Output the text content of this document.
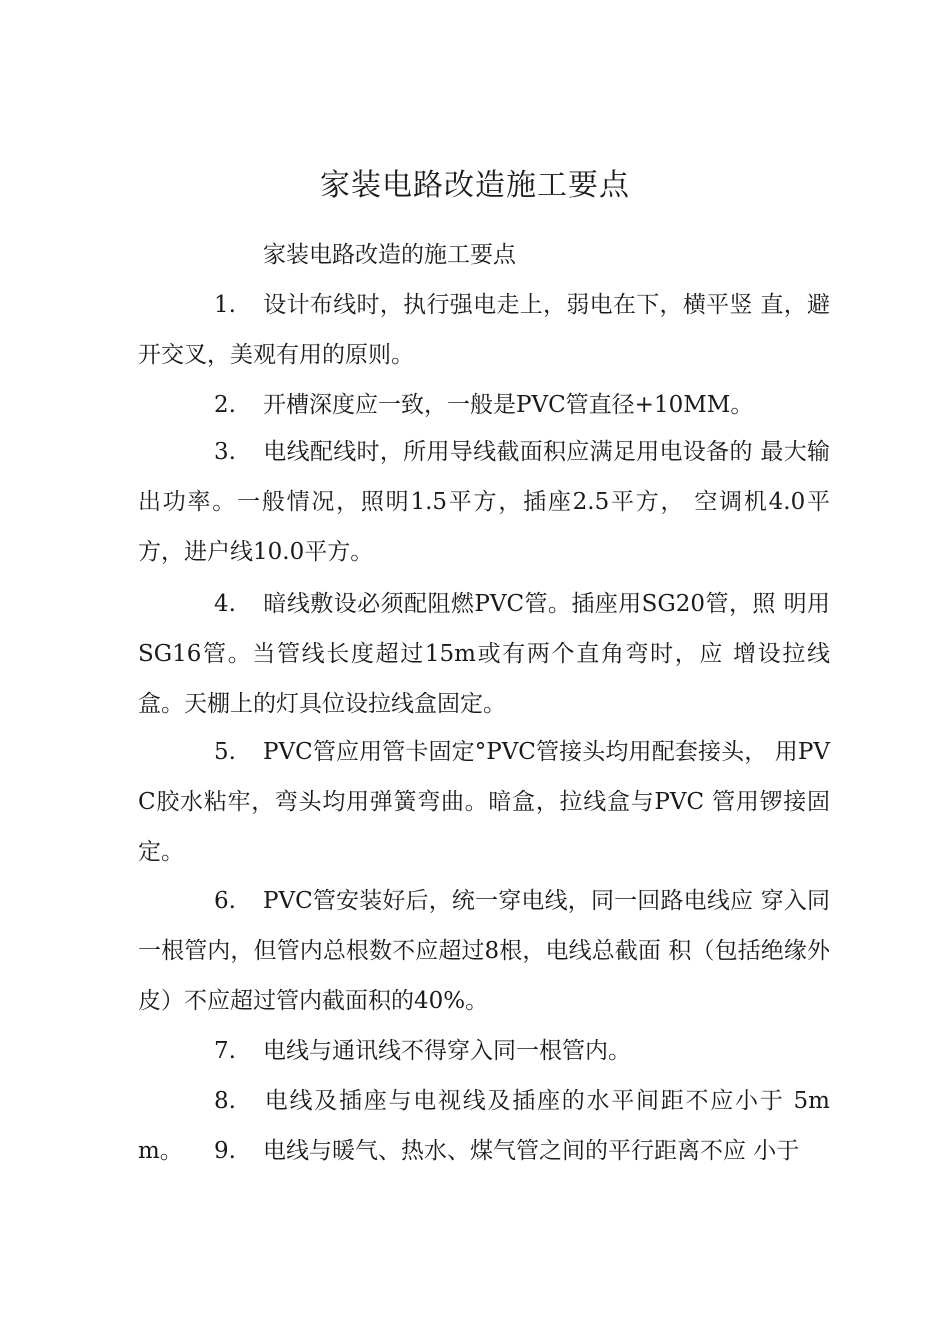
家装电路改造施工要点

家装电路改造的施工要点

1. 设计布线时，执行强电走上，弱电在下，横平竖 直，避开交叉，美观有用的原则。

2. 开槽深度应一致，一般是PVC管直径+10MM。

3. 电线配线时，所用导线截面积应满足用电设备的 最大输出功率。一般情况，照明1.5平方，插座2.5平方， 空调机4.0平方，进户线10.0平方。

4. 暗线敷设必须配阻燃PVC管。插座用SG20管，照 明用SG16管。当管线长度超过15m或有两个直角弯时，应 增设拉线盒。天棚上的灯具位设拉线盒固定。

5. PVC管应用管卡固定°PVC管接头均用配套接头， 用PVC胶水粘牢，弯头均用弹簧弯曲。暗盒，拉线盒与PVC 管用锣接固定。

6. PVC管安装好后，统一穿电线，同一回路电线应 穿入同一根管内，但管内总根数不应超过8根，电线总截面 积（包括绝缘外皮）不应超过管内截面积的40%。

7. 电线与通讯线不得穿入同一根管内。

8. 电线及插座与电视线及插座的水平间距不应小于 5mm。	9. 电线与暖气、热水、煤气管之间的平行距离不应 小于
